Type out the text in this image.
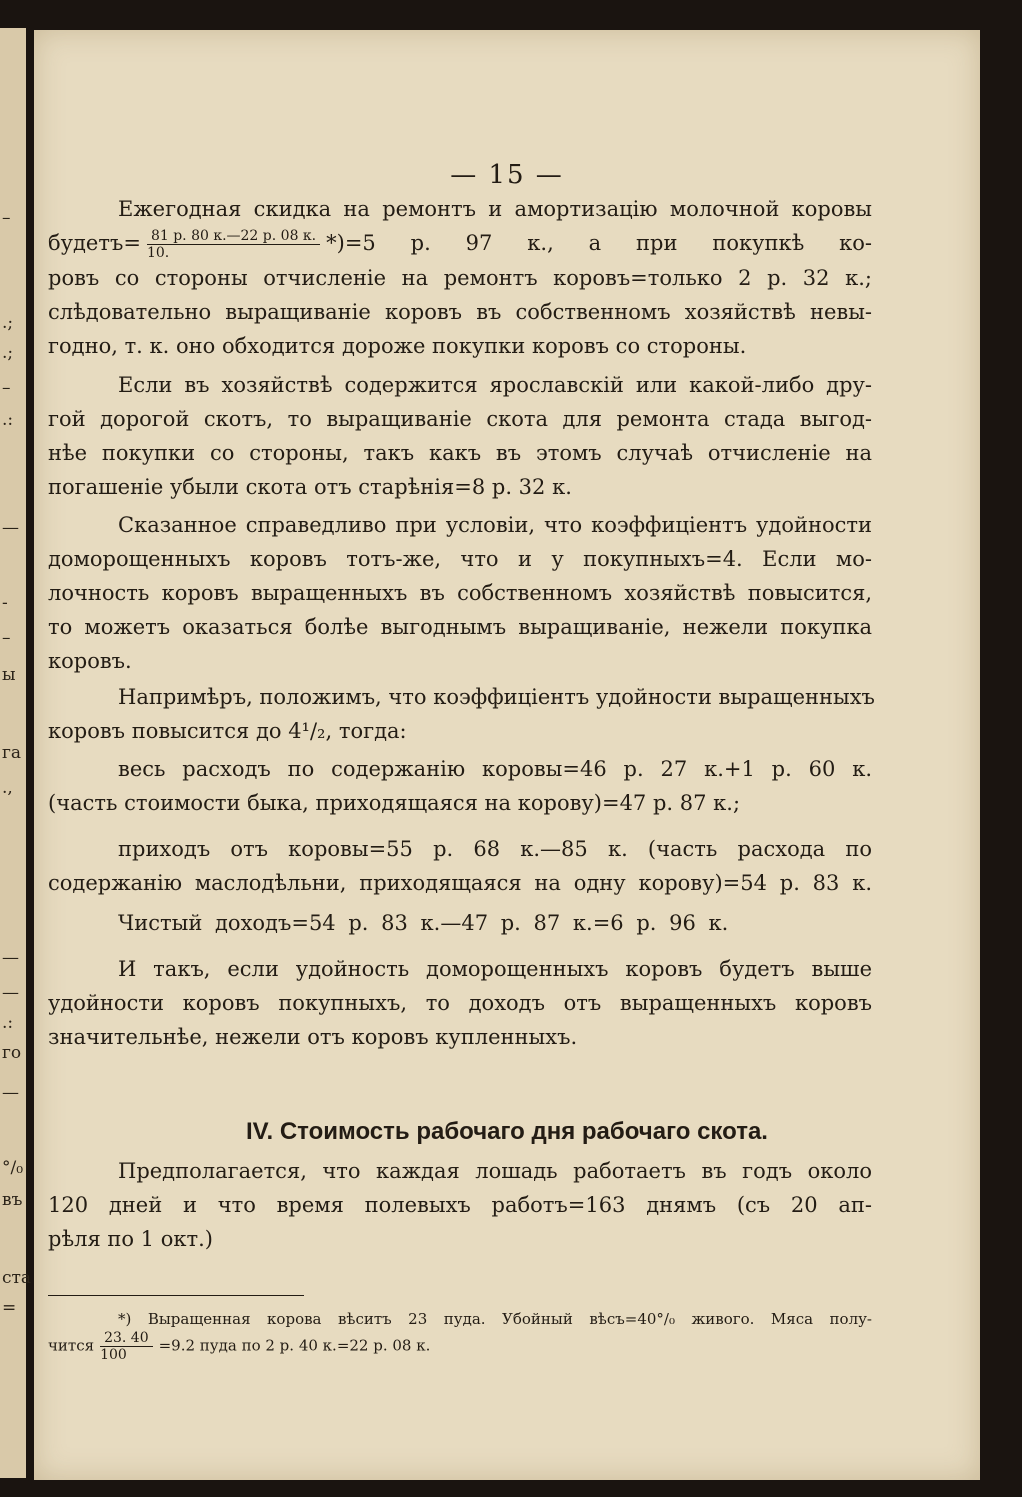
–
.;
.;
–
.:
—
-
–
ы
га
.,
—
—
.:
го
—
°/₀
въ
ста
=
— 15 —
Ежегодная скидка на ремонтъ и амортизацію молочной коровы
будетъ= $\frac{81 р. 80 к.—22 р. 08 к.}{10.} *)=5$ р. 97 к., а при покупкѣ ко-
ровъ со стороны отчисленіе на ремонтъ коровъ=только 2 р. 32 к.;
слѣдовательно выращиваніе коровъ въ собственномъ хозяйствѣ невы-
годно, т. к. оно обходится дороже покупки коровъ со стороны.
Если въ хозяйствѣ содержится ярославскій или какой-либо дру-
гой дорогой скотъ, то выращиваніе скота для ремонта стада выгод-
нѣе покупки со стороны, такъ какъ въ этомъ случаѣ отчисленіе на
погашеніе убыли скота отъ старѣнія=8 р. 32 к.
Сказанное справедливо при условіи, что коэффиціентъ удойности
доморощенныхъ коровъ тотъ-же, что и у покупныхъ=4. Если мо-
лочность коровъ выращенныхъ въ собственномъ хозяйствѣ повысится,
то можетъ оказаться болѣе выгоднымъ выращиваніе, нежели покупка
коровъ.
Напримѣръ, положимъ, что коэффиціентъ удойности выращенныхъ
коровъ повысится до 4¹/₂, тогда:
весь расходъ по содержанію коровы=46 р. 27 к.+1 р. 60 к.
(часть стоимости быка, приходящаяся на корову)=47 р. 87 к.;
приходъ отъ коровы=55 р. 68 к.—85 к. (часть расхода по
содержанію маслодѣльни, приходящаяся на одну корову)=54 р. 83 к.
Чистый доходъ=54 р. 83 к.—47 р. 87 к.=6 р. 96 к.
И такъ, если удойность доморощенныхъ коровъ будетъ выше
удойности коровъ покупныхъ, то доходъ отъ выращенныхъ коровъ
значительнѣе, нежели отъ коровъ купленныхъ.
IV. Стоимость рабочаго дня рабочаго скота.
Предполагается, что каждая лошадь работаетъ въ годъ около
120 дней и что время полевыхъ работъ=163 днямъ (съ 20 ап-
рѣля по 1 окт.)
*) Выращенная корова вѣситъ 23 пуда. Убойный вѣсъ=40°/₀ живого. Мяса полу-
чится $\frac{23. 40}{100} =9.2$ пуда по 2 р. 40 к.=22 р. 08 к.
